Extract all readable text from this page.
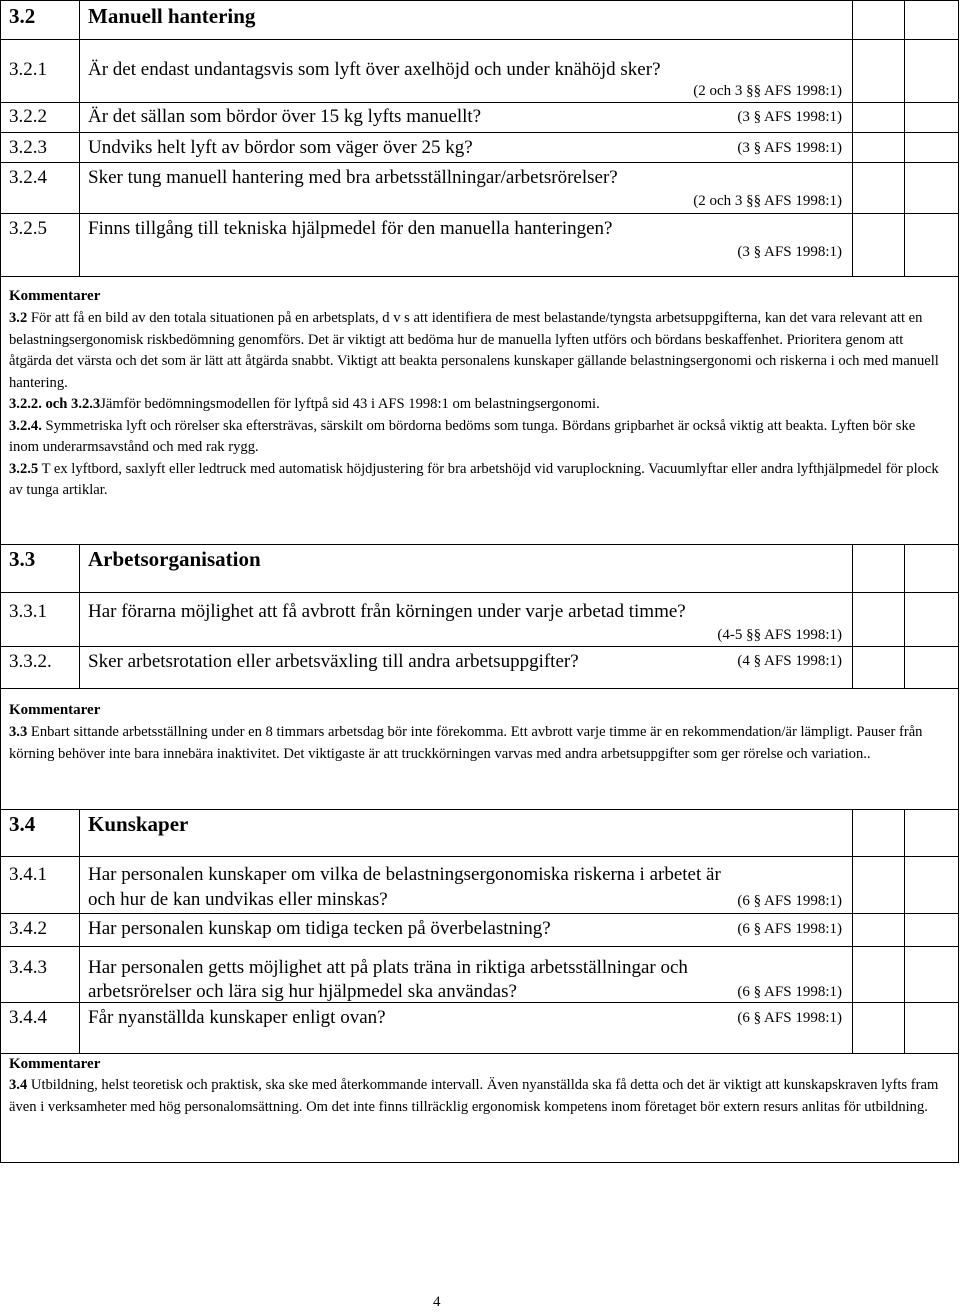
3.2	Manuell hantering
3.2.1 Är det endast undantagsvis som lyft över axelhöjd och under knähöjd sker?
(2 och 3 §§ AFS 1998:1)
3.2.2 Är det sällan som bördor över 15 kg lyfts manuellt?	(3 § AFS 1998:1)
3.2.3 Undviks helt lyft av bördor som väger över 25 kg?	(3 § AFS 1998:1)
3.2.4 Sker tung manuell hantering med bra arbetsställningar/arbetsrörelser?
(2 och 3 §§ AFS 1998:1)
3.2.5 Finns tillgång till tekniska hjälpmedel för den manuella hanteringen?
(3 § AFS 1998:1)
Kommentarer

3.2 För att få en bild av den totala situationen på en arbetsplats, d v s att identifiera de mest belastande/tyngsta arbetsuppgifterna, kan det vara relevant att en belastningsergonomisk riskbedömning genomförs. Det är viktigt att bedöma hur de manuella lyften utförs och bördans beskaffenhet. Prioritera genom att åtgärda det värsta och det som är lätt att åtgärda snabbt. Viktigt att beakta personalens kunskaper gällande belastningsergonomi och riskerna i och med manuell hantering.

3.2.2. och 3.2.3Jämför bedömningsmodellen för lyftpå sid 43 i AFS 1998:1 om belastningsergonomi.

3.2.4. Symmetriska lyft och rörelser ska eftersträvas, särskilt om bördorna bedöms som tunga. Bördans gripbarhet är också viktig att beakta. Lyften bör ske inom underarmsavstånd och med rak rygg.

3.2.5 T ex lyftbord, saxlyft eller ledtruck med automatisk höjdjustering för bra arbetshöjd vid varuplockning. Vacuumlyftar eller andra lyfthjälpmedel för plock av tunga artiklar.

3.3	Arbetsorganisation
3.3.1 Har förarna möjlighet att få avbrott från körningen under varje arbetad timme?
(4-5 §§ AFS 1998:1)
3.3.2. Sker arbetsrotation eller arbetsväxling till andra arbetsuppgifter?	(4 § AFS 1998:1)
Kommentarer

3.3 Enbart sittande arbetsställning under en 8 timmars arbetsdag bör inte förekomma. Ett avbrott varje timme är en rekommendation/är lämpligt. Pauser från körning behöver inte bara innebära inaktivitet. Det viktigaste är att truckkörningen varvas med andra arbetsuppgifter som ger rörelse och variation..

3.4	Kunskaper
3.4.1 Har personalen kunskaper om vilka de belastningsergonomiska riskerna i arbetet är
och hur de kan undvikas eller minskas?	(6 § AFS 1998:1)
3.4.2 Har personalen kunskap om tidiga tecken på överbelastning?	(6 § AFS 1998:1)
3.4.3 Har personalen getts möjlighet att på plats träna in riktiga arbetsställningar och
arbetsrörelser och lära sig hur hjälpmedel ska användas?	(6 § AFS 1998:1)
3.4.4 Får nyanställda kunskaper enligt ovan?	(6 § AFS 1998:1)
Kommentarer

3.4 Utbildning, helst teoretisk och praktisk, ska ske med återkommande intervall. Även nyanställda ska få detta och det är viktigt att kunskapskraven lyfts fram även i verksamheter med hög personalomsättning. Om det inte finns tillräcklig ergonomisk kompetens inom företaget bör extern resurs anlitas för utbildning.

4
